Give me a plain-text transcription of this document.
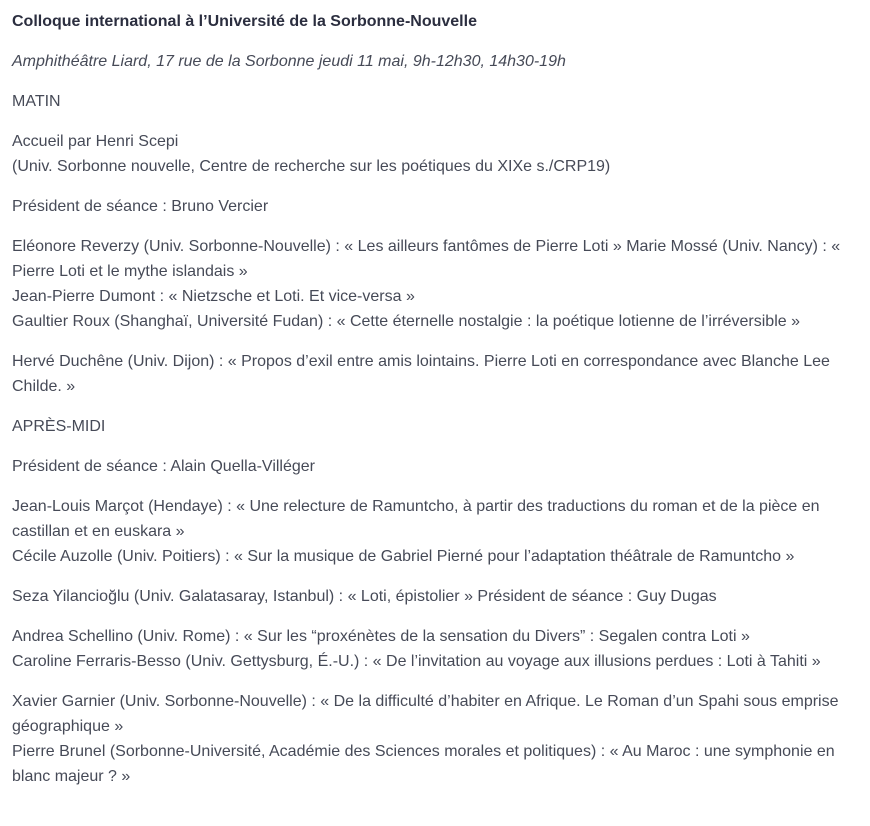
Colloque international à l’Université de la Sorbonne-Nouvelle

Amphithéâtre Liard, 17 rue de la Sorbonne jeudi 11 mai, 9h-12h30, 14h30-19h

MATIN

Accueil par Henri Scepi
(Univ. Sorbonne nouvelle, Centre de recherche sur les poétiques du XIXe s./CRP19)

Président de séance : Bruno Vercier

Eléonore Reverzy (Univ. Sorbonne-Nouvelle) : « Les ailleurs fantômes de Pierre Loti » Marie Mossé (Univ. Nancy) : « Pierre Loti et le mythe islandais »
Jean-Pierre Dumont : « Nietzsche et Loti. Et vice-versa »
Gaultier Roux (Shanghaï, Université Fudan) : « Cette éternelle nostalgie : la poétique lotienne de l’irréversible »

Hervé Duchêne (Univ. Dijon) : « Propos d’exil entre amis lointains. Pierre Loti en correspondance avec Blanche Lee Childe. »

APRÈS-MIDI

Président de séance : Alain Quella-Villéger

Jean-Louis Marçot (Hendaye) : « Une relecture de Ramuntcho, à partir des traductions du roman et de la pièce en castillan et en euskara »
Cécile Auzolle (Univ. Poitiers) : « Sur la musique de Gabriel Pierné pour l’adaptation théâtrale de Ramuntcho »

Seza Yilancioğlu (Univ. Galatasaray, Istanbul) : « Loti, épistolier » Président de séance : Guy Dugas

Andrea Schellino (Univ. Rome) : « Sur les “proxénètes de la sensation du Divers” : Segalen contra Loti »
Caroline Ferraris-Besso (Univ. Gettysburg, É.-U.) : « De l’invitation au voyage aux illusions perdues : Loti à Tahiti »

Xavier Garnier (Univ. Sorbonne-Nouvelle) : « De la difficulté d’habiter en Afrique. Le Roman d’un Spahi sous emprise géographique »
Pierre Brunel (Sorbonne-Université, Académie des Sciences morales et politiques) : « Au Maroc : une symphonie en blanc majeur ? »
